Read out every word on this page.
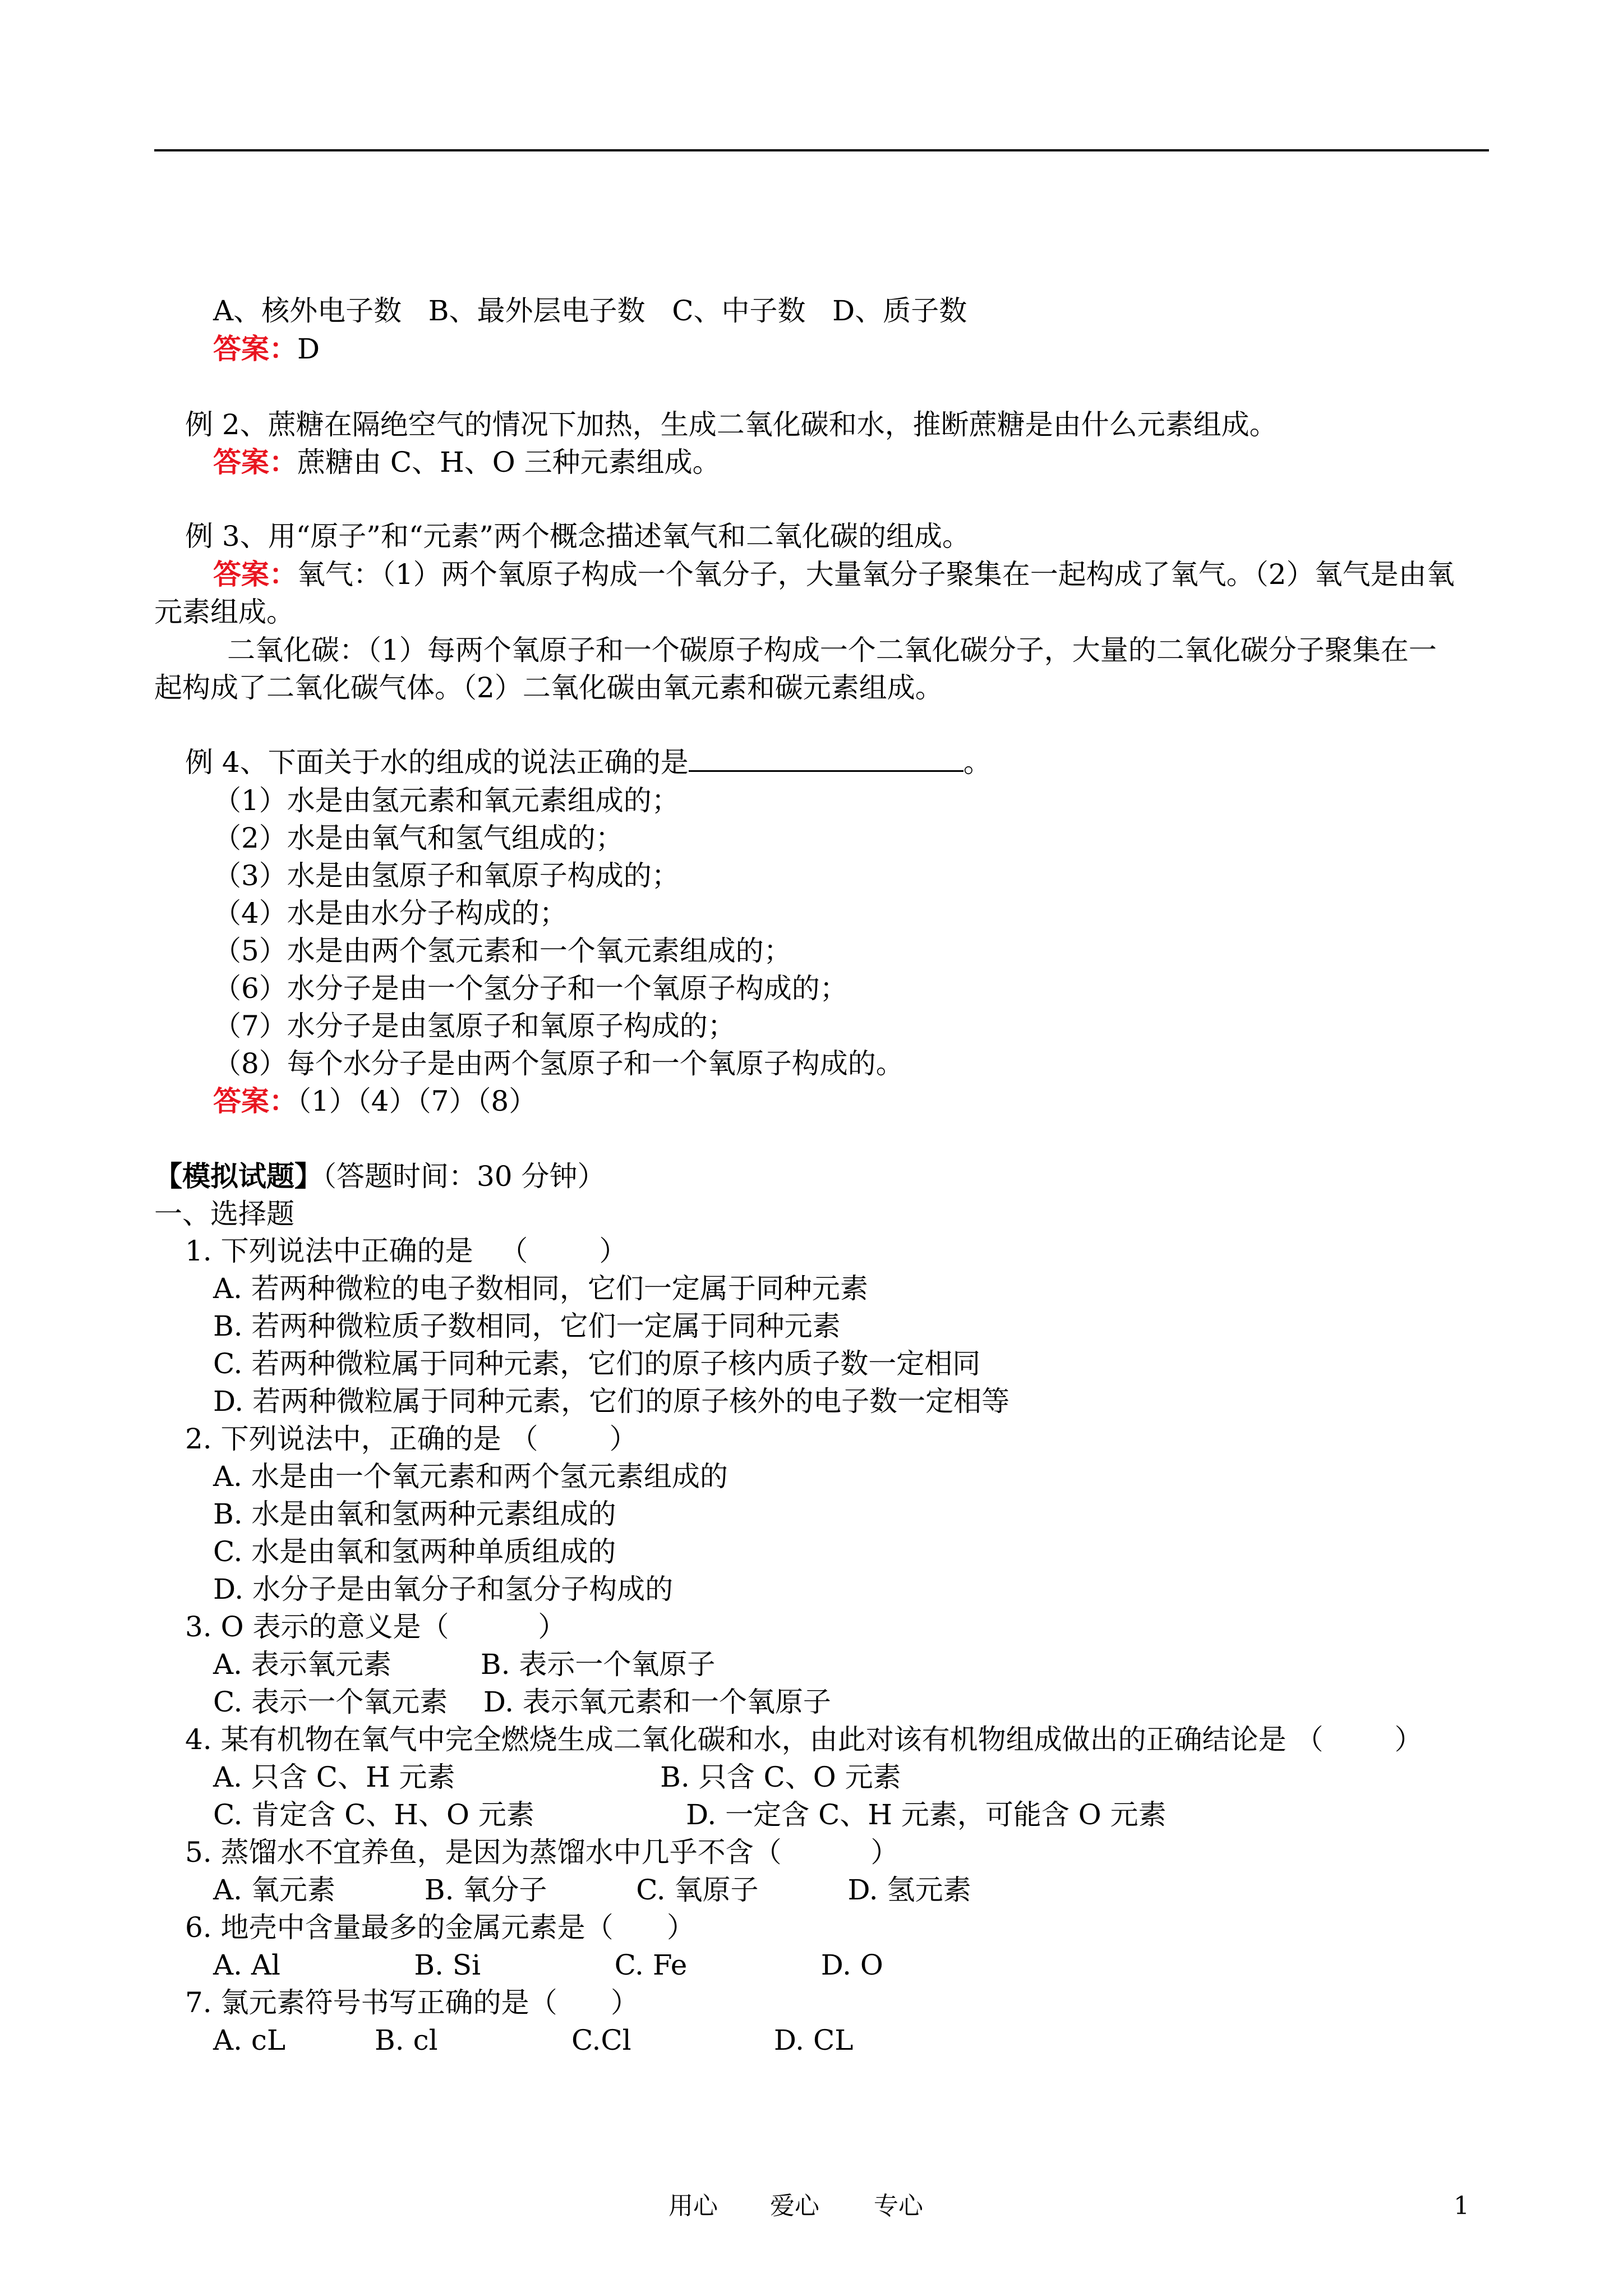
A、核外电子数   B、最外层电子数   C、中子数   D、质子数
答案：D
例 2、蔗糖在隔绝空气的情况下加热，生成二氧化碳和水，推断蔗糖是由什么元素组成。
答案：蔗糖由 C、H、O 三种元素组成。
例 3、用“原子”和“元素”两个概念描述氧气和二氧化碳的组成。
答案：氧气：（1）两个氧原子构成一个氧分子，大量氧分子聚集在一起构成了氧气。（2）氧气是由氧
元素组成。
二氧化碳：（1）每两个氧原子和一个碳原子构成一个二氧化碳分子，大量的二氧化碳分子聚集在一
起构成了二氧化碳气体。（2）二氧化碳由氧元素和碳元素组成。
例 4、下面关于水的组成的说法正确的是	。
（1）水是由氢元素和氧元素组成的；
（2）水是由氧气和氢气组成的；
（3）水是由氢原子和氧原子构成的；
（4）水是由水分子构成的；
（5）水是由两个氢元素和一个氧元素组成的；
（6）水分子是由一个氢分子和一个氧原子构成的；
（7）水分子是由氢原子和氧原子构成的；
（8）每个水分子是由两个氢原子和一个氧原子构成的。
答案：（1）（4）（7）（8）
【模拟试题】（答题时间：30 分钟）
一、选择题
1. 下列说法中正确的是   （        ）
A. 若两种微粒的电子数相同，它们一定属于同种元素
B. 若两种微粒质子数相同，它们一定属于同种元素
C. 若两种微粒属于同种元素，它们的原子核内质子数一定相同
D. 若两种微粒属于同种元素，它们的原子核外的电子数一定相等
2. 下列说法中，正确的是 （        ）
A. 水是由一个氧元素和两个氢元素组成的
B. 水是由氧和氢两种元素组成的
C. 水是由氧和氢两种单质组成的
D. 水分子是由氧分子和氢分子构成的
3. O 表示的意义是（          ）
A. 表示氧元素          B. 表示一个氧原子
C. 表示一个氧元素    D. 表示氧元素和一个氧原子
4. 某有机物在氧气中完全燃烧生成二氧化碳和水，由此对该有机物组成做出的正确结论是 （        ）
A. 只含 C、H 元素                       B. 只含 C、O 元素
C. 肯定含 C、H、O 元素                 D. 一定含 C、H 元素，可能含 O 元素
5. 蒸馏水不宜养鱼，是因为蒸馏水中几乎不含（          ）
A. 氧元素          B. 氧分子          C. 氧原子          D. 氢元素
6. 地壳中含量最多的金属元素是（      ）
A. Al               B. Si               C. Fe               D. O
7. 氯元素符号书写正确的是（      ）
A. cL          B. cl               C.Cl                D. CL
用心 爱心 专心	1
